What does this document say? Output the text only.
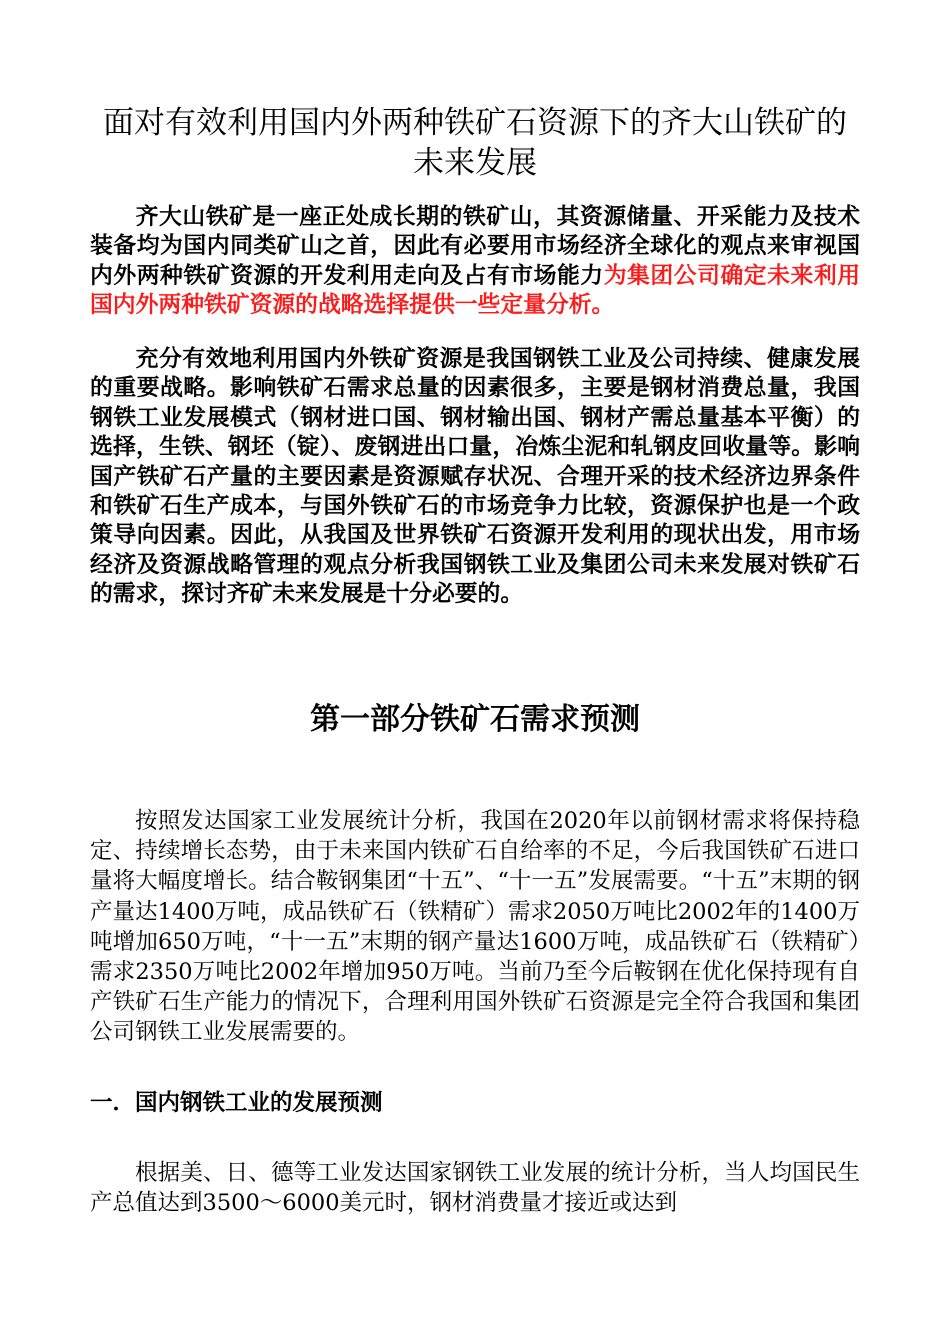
面对有效利用国内外两种铁矿石资源下的齐大山铁矿的未来发展

齐大山铁矿是一座正处成长期的铁矿山，其资源储量、开采能力及技术装备均为国内同类矿山之首，因此有必要用市场经济全球化的观点来审视国内外两种铁矿资源的开发利用走向及占有市场能力为集团公司确定未来利用国内外两种铁矿资源的战略选择提供一些定量分析。

充分有效地利用国内外铁矿资源是我国钢铁工业及公司持续、健康发展的重要战略。影响铁矿石需求总量的因素很多，主要是钢材消费总量，我国钢铁工业发展模式（钢材进口国、钢材输出国、钢材产需总量基本平衡）的选择，生铁、钢坯（锭）、废钢进出口量，冶炼尘泥和轧钢皮回收量等。影响国产铁矿石产量的主要因素是资源赋存状况、合理开采的技术经济边界条件和铁矿石生产成本，与国外铁矿石的市场竞争力比较，资源保护也是一个政策导向因素。因此，从我国及世界铁矿石资源开发利用的现状出发，用市场经济及资源战略管理的观点分析我国钢铁工业及集团公司未来发展对铁矿石的需求，探讨齐矿未来发展是十分必要的。

第一部分铁矿石需求预测

按照发达国家工业发展统计分析，我国在2020年以前钢材需求将保持稳定、持续增长态势，由于未来国内铁矿石自给率的不足，今后我国铁矿石进口量将大幅度增长。结合鞍钢集团“十五”、“十一五”发展需要。“十五”末期的钢产量达1400万吨，成品铁矿石（铁精矿）需求2050万吨比2002年的1400万吨增加650万吨，“十一五”末期的钢产量达1600万吨，成品铁矿石（铁精矿）需求2350万吨比2002年增加950万吨。当前乃至今后鞍钢在优化保持现有自产铁矿石生产能力的情况下，合理利用国外铁矿石资源是完全符合我国和集团公司钢铁工业发展需要的。

一．国内钢铁工业的发展预测

根据美、日、德等工业发达国家钢铁工业发展的统计分析，当人均国民生产总值达到3500～6000美元时，钢材消费量才接近或达到
